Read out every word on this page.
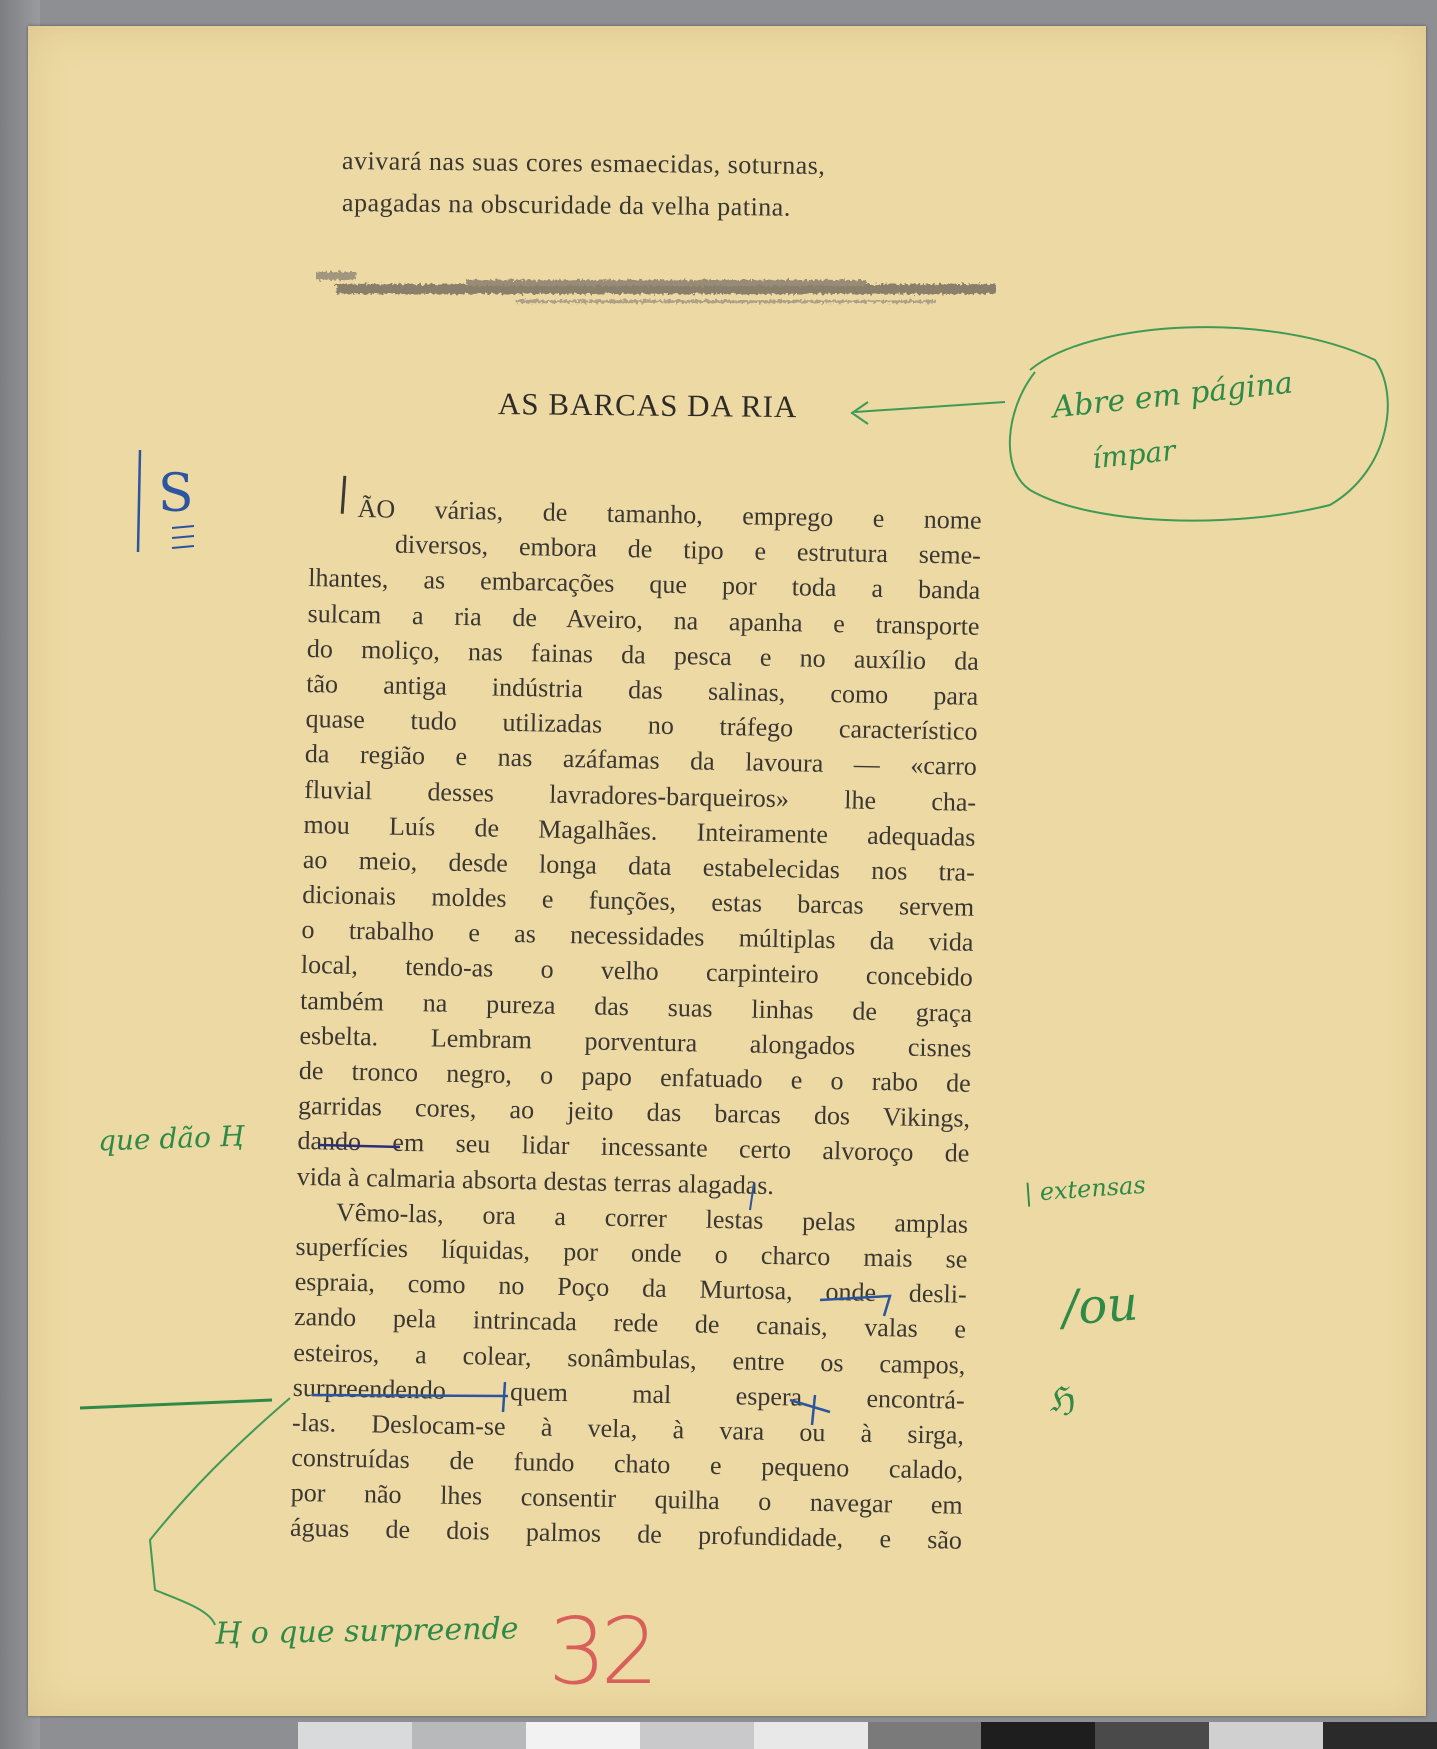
avivará nas suas cores esmaecidas, soturnas,
apagadas na obscuridade da velha patina.
AS BARCAS DA RIA
ÃO várias, de tamanho, emprego e nome
diversos, embora de tipo e estrutura seme-
lhantes, as embarcações que por toda a banda
sulcam a ria de Aveiro, na apanha e transporte
do moliço, nas fainas da pesca e no auxílio da
tão antiga indústria das salinas, como para
quase tudo utilizadas no tráfego característico
da região e nas azáfamas da lavoura — «carro
fluvial desses lavradores-barqueiros» lhe cha-
mou Luís de Magalhães. Inteiramente adequadas
ao meio, desde longa data estabelecidas nos tra-
dicionais moldes e funções, estas barcas servem
o trabalho e as necessidades múltiplas da vida
local, tendo-as o velho carpinteiro concebido
também na pureza das suas linhas de graça
esbelta. Lembram porventura alongados cisnes
de tronco negro, o papo enfatuado e o rabo de
garridas cores, ao jeito das barcas dos Vikings,
dando em seu lidar incessante certo alvoroço de
vida à calmaria absorta destas terras alagadas.
Vêmo-las, ora a correr lestas pelas amplas
superfícies líquidas, por onde o charco mais se
espraia, como no Poço da Murtosa, onde desli-
zando pela intrincada rede de canais, valas e
esteiros, a colear, sonâmbulas, entre os campos,
surpreendendo quem mal espera encontrá-
-las. Deslocam-se à vela, à vara ou à sirga,
construídas de fundo chato e pequeno calado,
por não lhes consentir quilha o navegar em
águas de dois palmos de profundidade, e são
Abre em página
ímpar
S
que dão Ⱨ
| extensas
/ou
ℌ
Ⱨ o que surpreende 32
